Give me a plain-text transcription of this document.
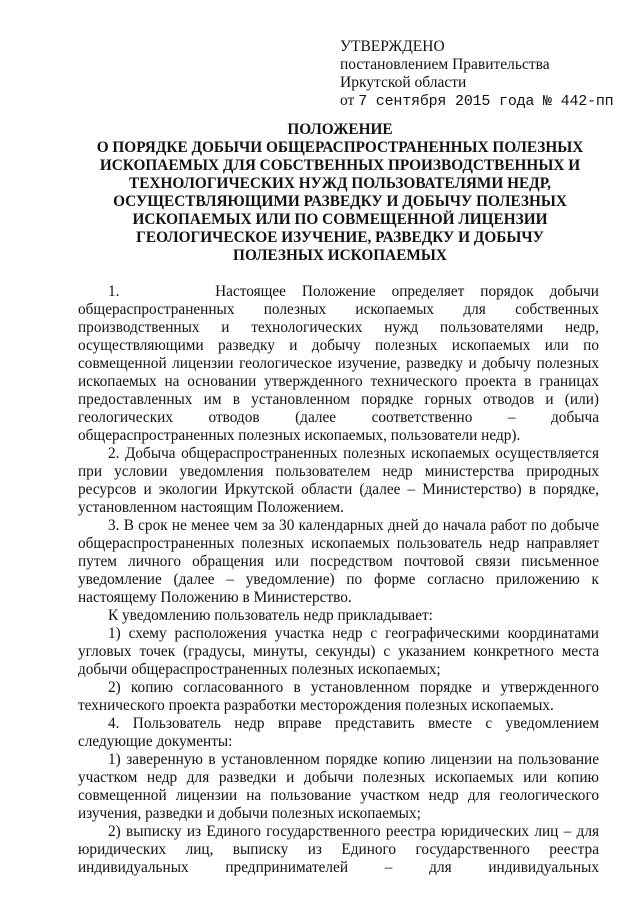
УТВЕРЖДЕНО
постановлением Правительства
Иркутской области
от 7 сентября 2015 года № 442-пп
ПОЛОЖЕНИЕ
О ПОРЯДКЕ ДОБЫЧИ ОБЩЕРАСПРОСТРАНЕННЫХ ПОЛЕЗНЫХ
ИСКОПАЕМЫХ ДЛЯ СОБСТВЕННЫХ ПРОИЗВОДСТВЕННЫХ И
ТЕХНОЛОГИЧЕСКИХ НУЖД ПОЛЬЗОВАТЕЛЯМИ НЕДР,
ОСУЩЕСТВЛЯЮЩИМИ РАЗВЕДКУ И ДОБЫЧУ ПОЛЕЗНЫХ
ИСКОПАЕМЫХ ИЛИ ПО СОВМЕЩЕННОЙ ЛИЦЕНЗИИ
ГЕОЛОГИЧЕСКОЕ ИЗУЧЕНИЕ, РАЗВЕДКУ И ДОБЫЧУ
ПОЛЕЗНЫХ ИСКОПАЕМЫХ

1.      Настоящее Положение определяет порядок добычи общераспространенных полезных ископаемых для собственных производственных и технологических нужд пользователями недр, осуществляющими разведку и добычу полезных ископаемых или по совмещенной лицензии геологическое изучение, разведку и добычу полезных ископаемых на основании утвержденного технического проекта в границах предоставленных им в установленном порядке горных отводов и (или) геологических отводов (далее соответственно – добыча общераспространенных полезных ископаемых, пользователи недр).

2. Добыча общераспространенных полезных ископаемых осуществляется при условии уведомления пользователем недр министерства природных ресурсов и экологии Иркутской области (далее – Министерство) в порядке, установленном настоящим Положением.

3. В срок не менее чем за 30 календарных дней до начала работ по добыче общераспространенных полезных ископаемых пользователь недр направляет путем личного обращения или посредством почтовой связи письменное уведомление (далее – уведомление) по форме согласно приложению к настоящему Положению в Министерство.

К уведомлению пользователь недр прикладывает:

1) схему расположения участка недр с географическими координатами угловых точек (градусы, минуты, секунды) с указанием конкретного места добычи общераспространенных полезных ископаемых;

2) копию согласованного в установленном порядке и утвержденного технического проекта разработки месторождения полезных ископаемых.

4. Пользователь недр вправе представить вместе с уведомлением следующие документы:

1) заверенную в установленном порядке копию лицензии на пользование участком недр для разведки и добычи полезных ископаемых или копию совмещенной лицензии на пользование участком недр для геологического изучения, разведки и добычи полезных ископаемых;

2) выписку из Единого государственного реестра юридических лиц – для юридических лиц, выписку из Единого государственного реестра индивидуальных предпринимателей – для индивидуальных
